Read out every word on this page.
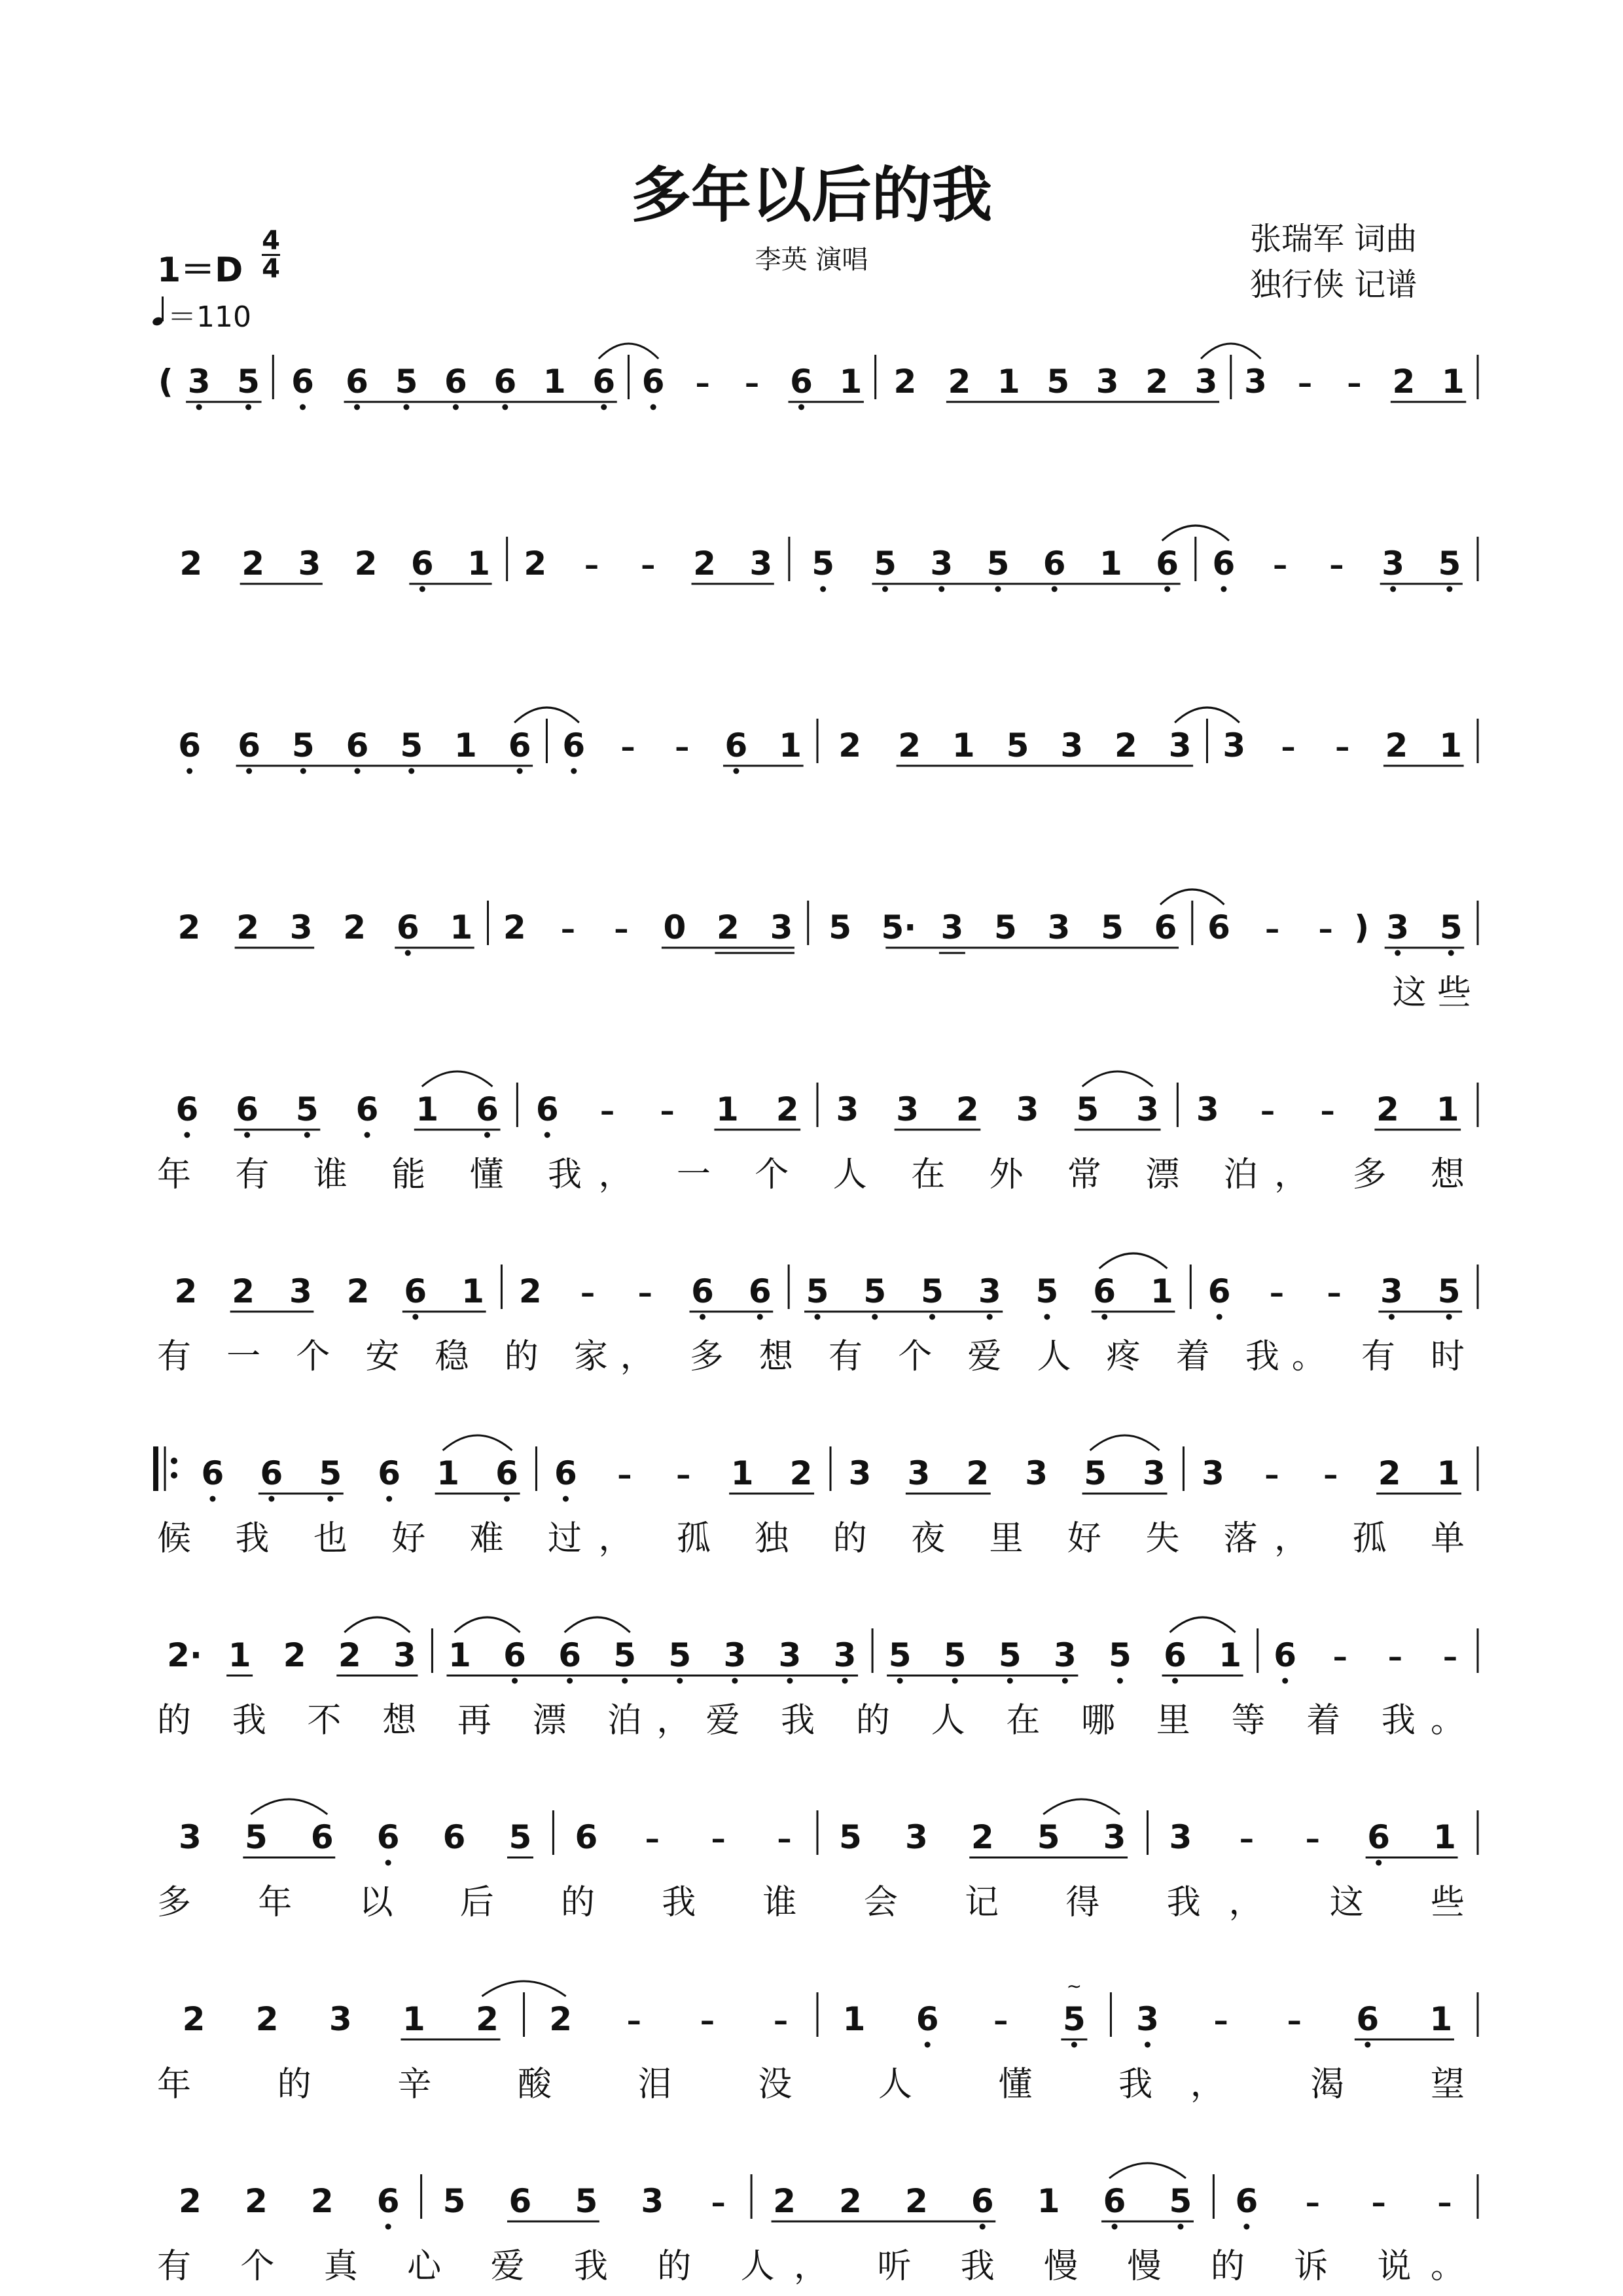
多年以后的我
李英 演唱
张瑞军 词曲
独行侠 记谱
1＝D
4
4
＝110
( 3 5 6 6 5 6 6 1 6 6 – – 6 1 2 2 1 5 3 2 3 3 – – 2 1
2 2 3 2 6 1 2 – – 2 3 5 5 3 5 6 1 6 6 – – 3 5
6 6 5 6 5 1 6 6 – – 6 1 2 2 1 5 3 2 3 3 – – 2 1
2 2 3 2 6 1 2 – – 0 2 3 5 5· 3 5 3 5 6 6 – – ) 3 5
这 些
6 6 5 6 1 6 6 – – 1 2 3 3 2 3 5 3 3 – – 2 1
年 有 谁 能 懂 我， 一 个 人 在 外 常 漂 泊， 多 想
2 2 3 2 6 1 2 – – 6 6 5 5 5 3 5 6 1 6 – – 3 5
有 一 个 安 稳 的 家， 多 想 有 个 爱 人 疼 着 我。 有 时
6 6 5 6 1 6 6 – – 1 2 3 3 2 3 5 3 3 – – 2 1
候 我 也 好 难 过， 孤 独 的 夜 里 好 失 落， 孤 单
2· 1 2 2 3 1 6 6 5 5 3 3 3 5 5 5 3 5 6 1 6 – – –
的 我 不 想 再 漂 泊，爱 我 的 人 在 哪 里 等 着 我。
3 5 6 6 6 5 6 – – – 5 3 2 5 3 3 – – 6 1
多 年 以 后 的 我 谁 会 记 得 我， 这 些
2 2 3 1 2 2 – – – 1 6 – 5
∼
3 – – 6 1
年 的 辛 酸 泪 没 人 懂 我， 渴 望
2 2 2 6 5 6 5 3 – 2 2 2 6 1 6 5 6 – – –
有 个 真 心 爱 我 的 人， 听 我 慢 慢 的 诉 说。
